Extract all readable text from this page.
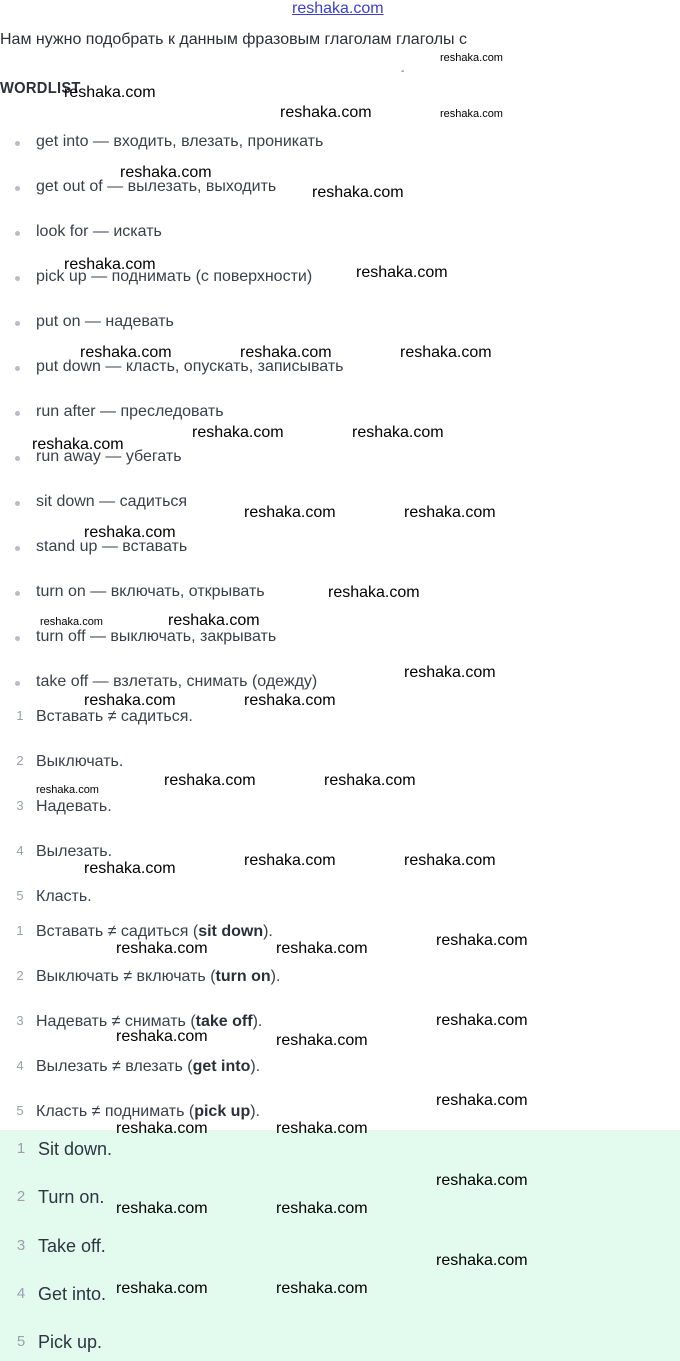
reshaka.com
Нам нужно подобрать к данным фразовым глаголам глаголы с
-
WORDLIST
get into — входить, влезать, проникать
get out of — вылезать, выходить
look for — искать
pick up — поднимать (с поверхности)
put on — надевать
put down — класть, опускать, записывать
run after — преследовать
run away — убегать
sit down — садиться
stand up — вставать
turn on — включать, открывать
turn off — выключать, закрывать
take off — взлетать, снимать (одежду)
1 Вставать ≠ садиться.
2 Выключать.
3 Надевать.
4 Вылезать.
5 Класть.
1 Вставать ≠ садиться (sit down).
2 Выключать ≠ включать (turn on).
3 Надевать ≠ снимать (take off).
4 Вылезать ≠ влезать (get into).
5 Класть ≠ поднимать (pick up).
1 Sit down.
2 Turn on.
3 Take off.
4 Get into.
5 Pick up.
reshaka.com
reshaka.com
reshaka.com	reshaka.com
reshaka.com
reshaka.com
reshaka.com	reshaka.com
reshaka.com	reshaka.com	reshaka.com
reshaka.com	reshaka.com
reshaka.com
reshaka.com	reshaka.com
reshaka.com
reshaka.com
reshaka.com	reshaka.com
reshaka.com
reshaka.com	reshaka.com
reshaka.com	reshaka.com
reshaka.com
reshaka.com	reshaka.com
reshaka.com
reshaka.com
reshaka.com	reshaka.com
reshaka.com
reshaka.com	reshaka.com
reshaka.com
reshaka.com	reshaka.com
reshaka.com
reshaka.com	reshaka.com
reshaka.com
reshaka.com	reshaka.com
